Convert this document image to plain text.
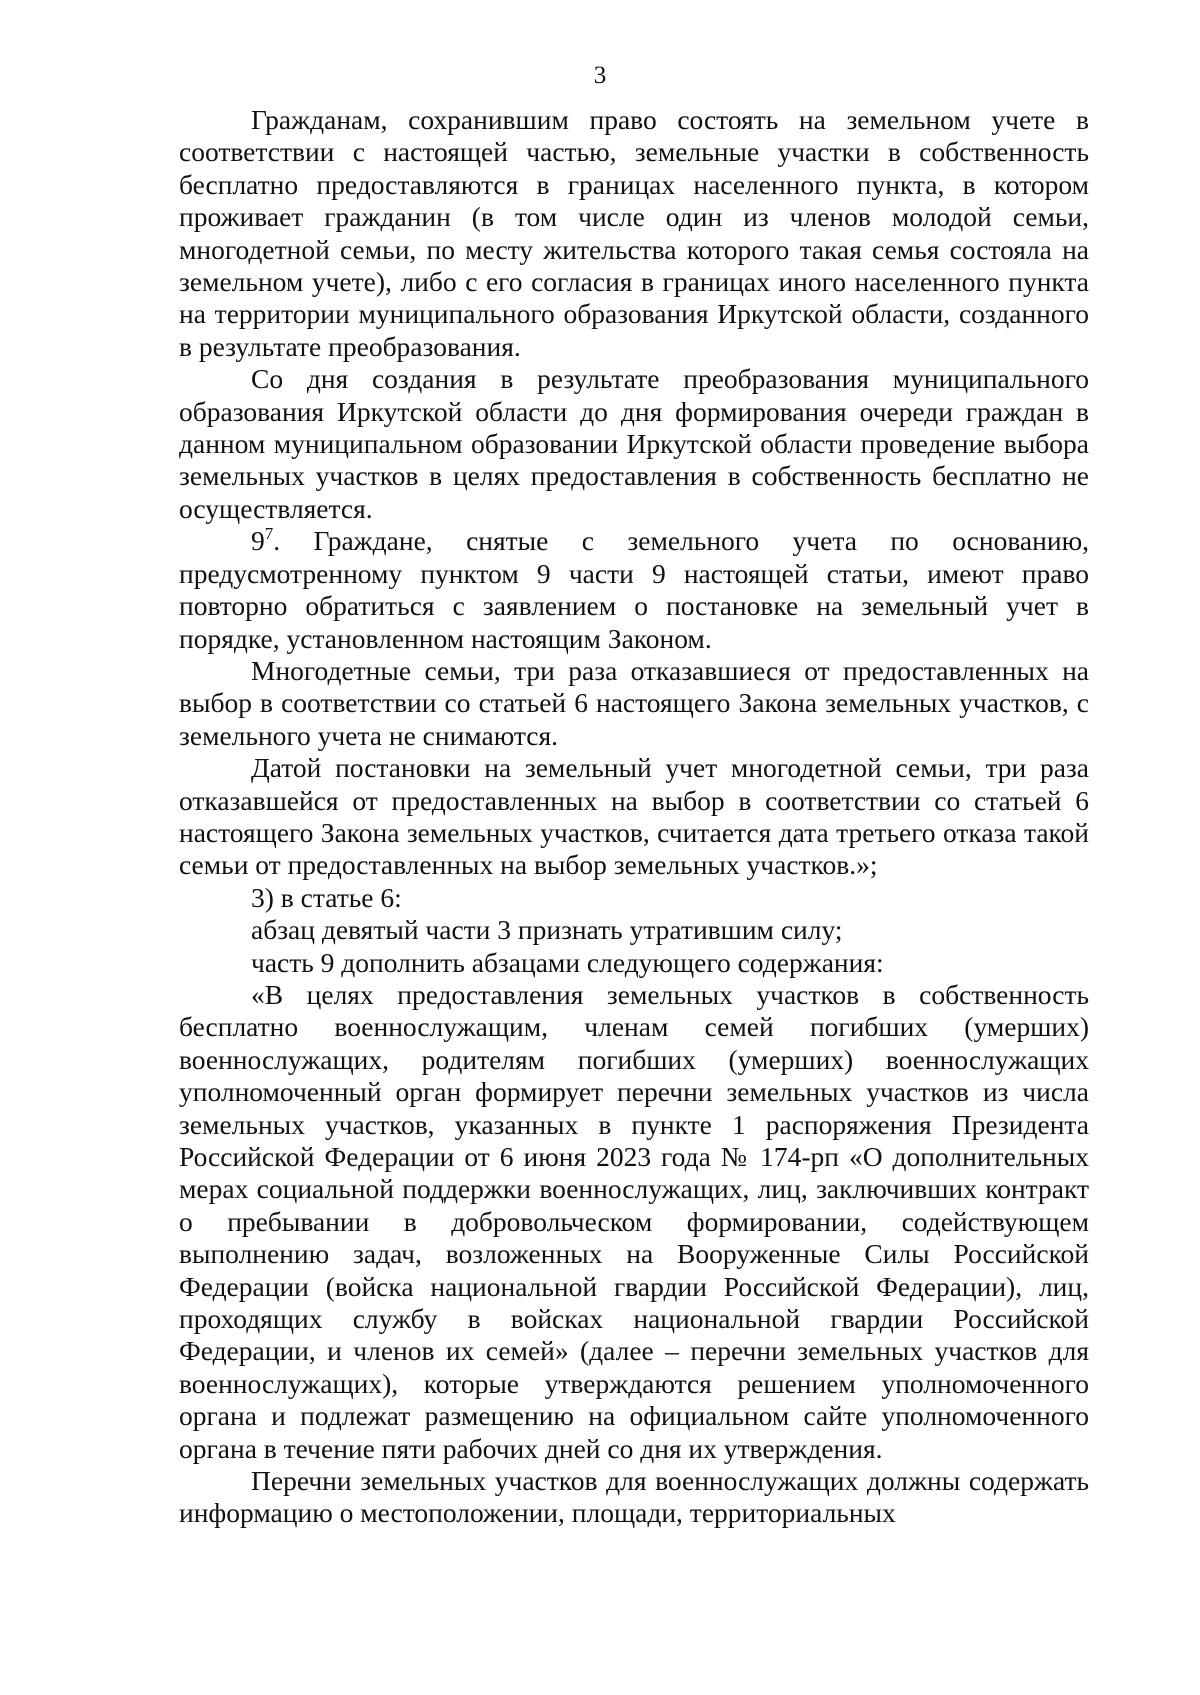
3

Гражданам, сохранившим право состоять на земельном учете в соответствии с настоящей частью, земельные участки в собственность бесплатно предоставляются в границах населенного пункта, в котором проживает гражданин (в том числе один из членов молодой семьи, многодетной семьи, по месту жительства которого такая семья состояла на земельном учете), либо с его согласия в границах иного населенного пункта на территории муниципального образования Иркутской области, созданного в результате преобразования.

Со дня создания в результате преобразования муниципального образования Иркутской области до дня формирования очереди граждан в данном муниципальном образовании Иркутской области проведение выбора земельных участков в целях предоставления в собственность бесплатно не осуществляется.

$9^7$. Граждане, снятые с земельного учета по основанию, предусмотренному пунктом 9 части 9 настоящей статьи, имеют право повторно обратиться с заявлением о постановке на земельный учет в порядке, установленном настоящим Законом.

Многодетные семьи, три раза отказавшиеся от предоставленных на выбор в соответствии со статьей 6 настоящего Закона земельных участков, с земельного учета не снимаются.

Датой постановки на земельный учет многодетной семьи, три раза отказавшейся от предоставленных на выбор в соответствии со статьей 6 настоящего Закона земельных участков, считается дата третьего отказа такой семьи от предоставленных на выбор земельных участков.»;

3) в статье 6:

абзац девятый части 3 признать утратившим силу;

часть 9 дополнить абзацами следующего содержания:

«В целях предоставления земельных участков в собственность бесплатно военнослужащим, членам семей погибших (умерших) военнослужащих, родителям погибших (умерших) военнослужащих уполномоченный орган формирует перечни земельных участков из числа земельных участков, указанных в пункте 1 распоряжения Президента Российской Федерации от 6 июня 2023 года № 174-рп «О дополнительных мерах социальной поддержки военнослужащих, лиц, заключивших контракт о пребывании в добровольческом формировании, содействующем выполнению задач, возложенных на Вооруженные Силы Российской Федерации (войска национальной гвардии Российской Федерации), лиц, проходящих службу в войсках национальной гвардии Российской Федерации, и членов их семей» (далее – перечни земельных участков для военнослужащих), которые утверждаются решением уполномоченного органа и подлежат размещению на официальном сайте уполномоченного органа в течение пяти рабочих дней со дня их утверждения.

Перечни земельных участков для военнослужащих должны содержать информацию о местоположении, площади, территориальных
